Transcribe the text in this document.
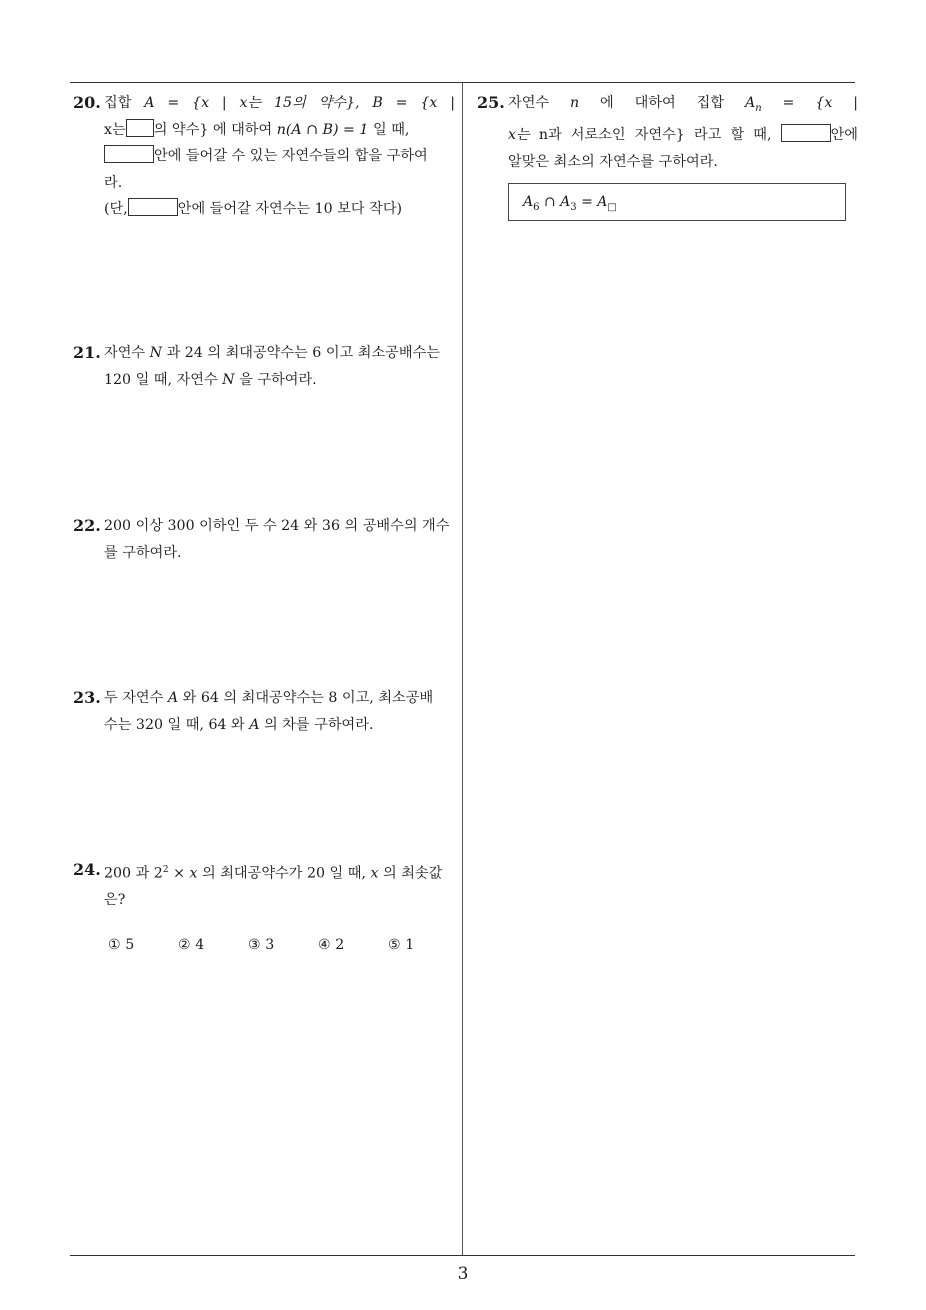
20. 집합 A = {x | x는 15의 약수}, B = {x |
x는 의 약수} 에 대하여 n(A ∩ B) = 1 일 때,
안에 들어갈 수 있는 자연수들의 합을 구하여
라.
(단,	안에 들어갈 자연수는 10 보다 작다)
21. 자연수 N 과 24 의 최대공약수는 6 이고 최소공배수는
120 일 때, 자연수 N 을 구하여라.
22. 200 이상 300 이하인 두 수 24 와 36 의 공배수의 개수
를 구하여라.
23. 두 자연수 A 와 64 의 최대공약수는 8 이고, 최소공배
수는 320 일 때, 64 와 A 의 차를 구하여라.
24. 200 과 $2^2 \times x$ 의 최대공약수가 20 일 때, x 의 최솟값
은?
① 5	② 4	③ 3	④ 2	⑤ 1
25. 자연수 n 에 대하여 집합 $A_n = \{x$ |
x는 n과 서로소인 자연수} 라고 할 때,	안에
알맞은 최소의 자연수를 구하여라.
$A_6$ ∩ $A_3 = A_□$
3
